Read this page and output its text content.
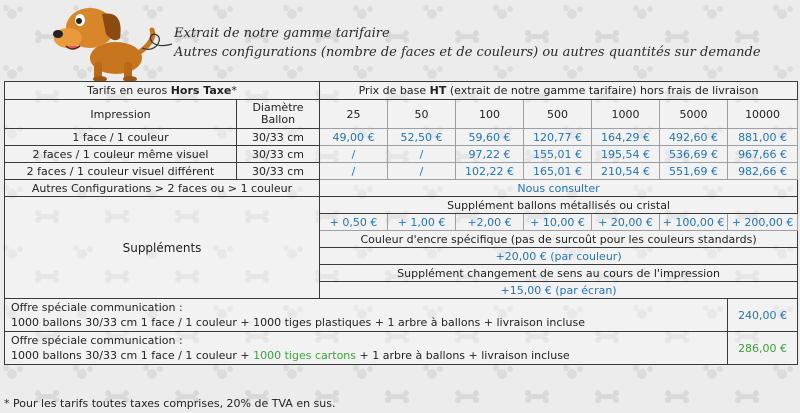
Extrait de notre gamme tarifaire
Autres configurations (nombre de faces et de couleurs) ou autres quantités sur demande
Tarifs en euros Hors Taxe*		Prix de base HT (extrait de notre gamme tarifaire) hors frais de livraison						
Impression	Diamètre Ballon	25	50	100	500	1000	5000	10000
1 face / 1 couleur	30/33 cm	49,00 €	52,50 €	59,60 €	120,77 €	164,29 €	492,60 €	881,00 €
2 faces / 1 couleur même visuel	30/33 cm	/	/	97,22 €	155,01 €	195,54 €	536,69 €	967,66 €
2 faces / 1 couleur visuel différent	30/33 cm	/	/	102,22 €	165,01 €	210,54 €	551,69 €	982,66 €
Autres Configurations > 2 faces ou > 1 couleur		Nous consulter						
Suppléments		Supplément ballons métallisés ou cristal						
		+ 0,50 €	+ 1,00 €	+2,00 €	+ 10,00 €	+ 20,00 €	+ 100,00 €	+ 200,00 €
		Couleur d'encre spécifique (pas de surcoût pour les couleurs standards)						
		+20,00 € (par couleur)						
		Supplément changement de sens au cours de l'impression						
		+15,00 € (par écran)						

Offre spéciale communication :
1000 ballons 30/33 cm 1 face / 1 couleur + 1000 tiges plastiques + 1 arbre à ballons + livraison incluse								240,00 €

Offre spéciale communication :
1000 ballons 30/33 cm 1 face / 1 couleur + 1000 tiges cartons + 1 arbre à ballons + livraison incluse								286,00 €
* Pour les tarifs toutes taxes comprises, 20% de TVA en sus.
